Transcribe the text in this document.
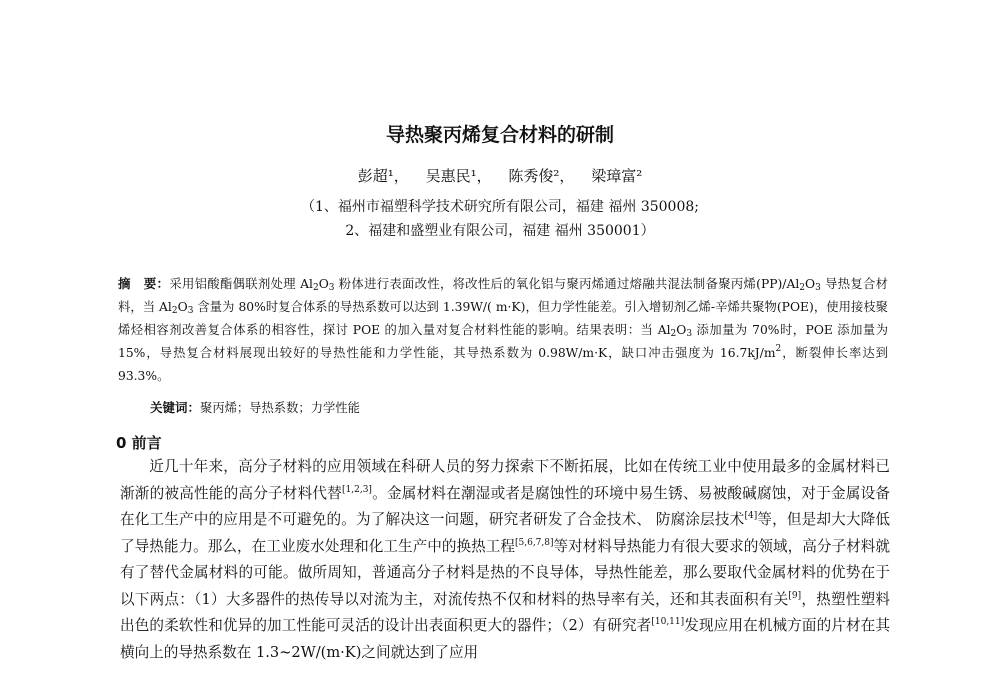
导热聚丙烯复合材料的研制
彭超¹， 吴惠民¹， 陈秀俊²， 梁璋富²
（1、福州市福塑科学技术研究所有限公司，福建 福州 350008;
2、福建和盛塑业有限公司，福建 福州 350001）
摘　要：采用铝酸酯偶联剂处理 $Al_2O_3$ 粉体进行表面改性，将改性后的氧化铝与聚丙烯通过熔融共混法制备聚丙烯$(PP)/Al_2O_3$ 导热复合材料，当 $Al_2O_3$ 含量为 80%时复合体系的导热系数可以达到 1.39W/( m·K)，但力学性能差。引入增韧剂乙烯-辛烯共聚物(POE)，使用接枝聚烯烃相容剂改善复合体系的相容性，探讨 POE 的加入量对复合材料性能的影响。结果表明：当 $Al_2O_3$ 添加量为 70%时，POE 添加量为 15%，导热复合材料展现出较好的导热性能和力学性能，其导热系数为 0.98W/m·K，缺口冲击强度为 $16.7kJ/m^2$，断裂伸长率达到 93.3%。
关键词：聚丙烯；导热系数；力学性能
0 前言

近几十年来，高分子材料的应用领域在科研人员的努力探索下不断拓展，比如在传统工业中使用最多的金属材料已渐渐的被高性能的高分子材料代替[1,2,3]。金属材料在潮湿或者是腐蚀性的环境中易生锈、易被酸碱腐蚀，对于金属设备在化工生产中的应用是不可避免的。为了解决这一问题，研究者研发了合金技术、 防腐涂层技术[4]等，但是却大大降低了导热能力。那么，在工业废水处理和化工生产中的换热工程[5,6,7,8]等对材料导热能力有很大要求的领域，高分子材料就有了替代金属材料的可能。做所周知，普通高分子材料是热的不良导体，导热性能差，那么要取代金属材料的优势在于以下两点：（1）大多器件的热传导以对流为主，对流传热不仅和材料的热导率有关，还和其表面积有关[9]，热塑性塑料出色的柔软性和优异的加工性能可灵活的设计出表面积更大的器件；（2）有研究者[10,11]发现应用在机械方面的片材在其横向上的导热系数在 1.3~2W/(m·K)之间就达到了应用
